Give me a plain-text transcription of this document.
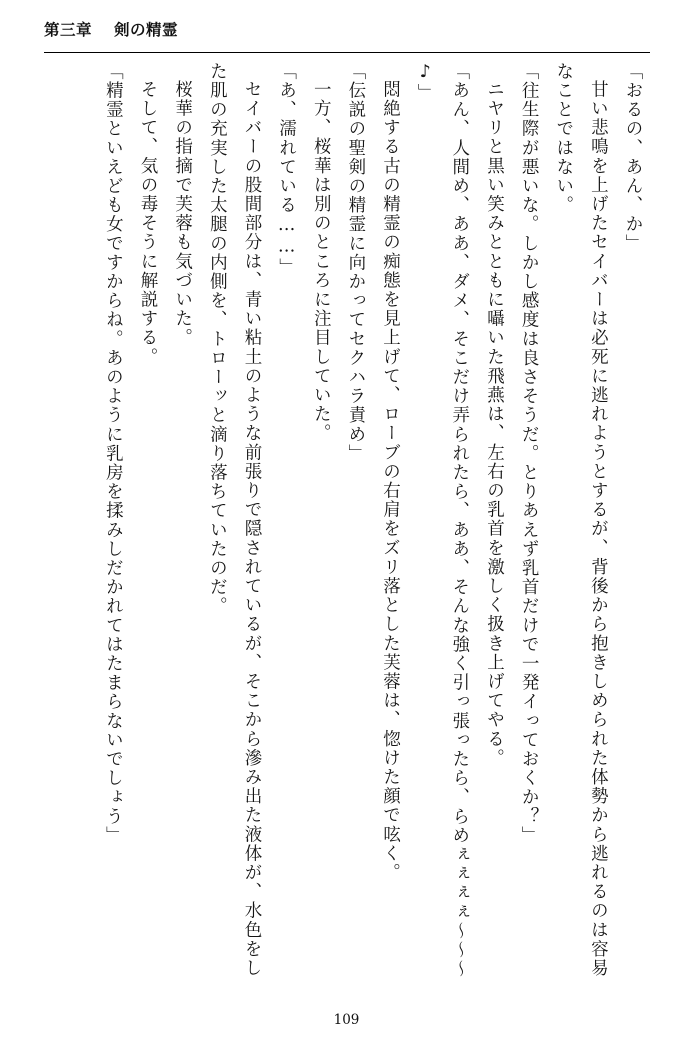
第三章 剣の精霊

「おるの、あん、か」

甘い悲鳴を上げたセイバーは必死に逃れようとするが、背後から抱きしめられた体勢から逃れるのは容易なことではない。

「往生際が悪いな。しかし感度は良さそうだ。とりあえず乳首だけで一発イっておくか？」

ニヤリと黒い笑みとともに囁いた飛燕は、左右の乳首を激しく扱き上げてやる。

「あん、人間め、ああ、ダメ、そこだけ弄られたら、ああ、そんな強く引っ張ったら、らめぇぇぇぇ～～～♪」

悶絶する古の精霊の痴態を見上げて、ローブの右肩をズリ落とした芙蓉は、惚けた顔で呟く。

「伝説の聖剣の精霊に向かってセクハラ責め」

一方、桜華は別のところに注目していた。

「あ、濡れている……」

セイバーの股間部分は、青い粘土のような前張りで隠されているが、そこから滲み出た液体が、水色をした肌の充実した太腿の内側を、トローッと滴り落ちていたのだ。

桜華の指摘で芙蓉も気づいた。

そして、気の毒そうに解説する。

「精霊といえども女ですからね。あのように乳房を揉みしだかれてはたまらないでしょう」

109
